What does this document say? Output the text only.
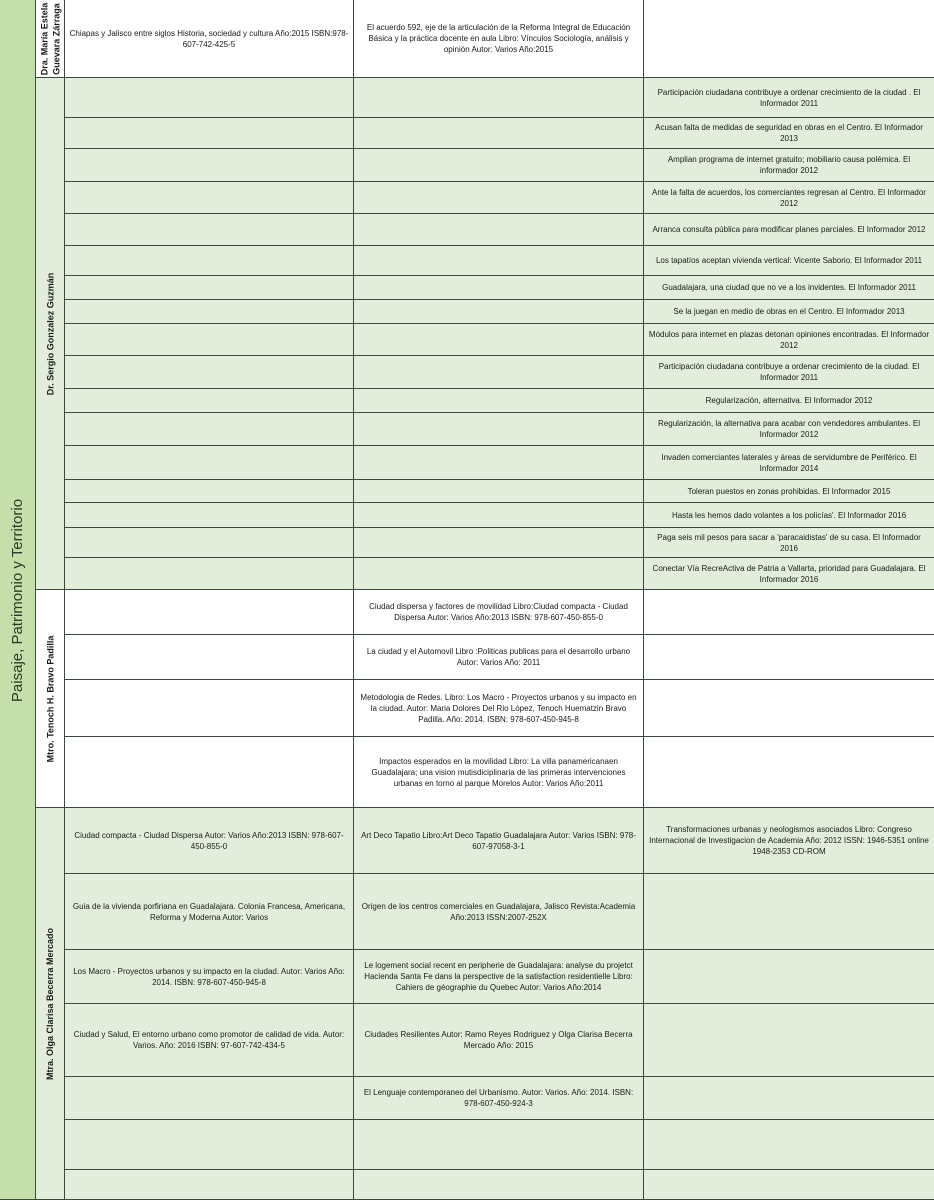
Paisaje, Patrimonio y Territorio
Dra. María Estela Guevara Zárraga	Chiapas y Jalisco entre siglos Historia, sociedad y cultura Año:2015 ISBN:978-607-742-425-5
El acuerdo 592, eje de la articulación de la Reforma Integral de Educación Básica y la práctica docente en aula Libro: Vínculos Sociología, análisis y opinión Autor: Varios Año:2015
Dr. Sergio Gonzalez Guzmán
Participación ciudadana contribuye a ordenar crecimiento de la ciudad . El Informador 2011
Acusan falta de medidas de seguridad en obras en el Centro. El Informador 2013
Amplian programa de internet gratuito; mobiliario causa polémica. El informador 2012
Ante la falta de acuerdos, los comerciantes regresan al Centro. El Informador 2012
Arranca consulta pública para modificar planes parciales. El Informador 2012
Los tapatíos aceptan vivienda vertical: Vicente Saborio. El Informador 2011
Guadalajara, una ciudad que no ve a los invidentes. El Informador 2011
Se la juegan en medio de obras en el Centro. El Informador 2013
Módulos para internet en plazas detonan opiniones encontradas. El Informador 2012
Participación ciudadana contribuye a ordenar crecimiento de la ciudad. El Informador 2011
Regularización, alternativa. El Informador 2012
Regularización, la alternativa para acabar con vendedores ambulantes. El Informador 2012
Invaden comerciantes laterales y áreas de servidumbre de Periférico. El Informador 2014
Toleran puestos en zonas prohibidas. El Informador 2015
Hasta les hemos dado volantes a los policías'. El Informador 2016
Paga seis mil pesos para sacar a 'paracaidistas' de su casa. El Informador 2016
Conectar Vía RecreActiva de Patria a Vallarta, prioridad para Guadalajara. El Informador 2016
Mtro. Tenoch H. Bravo Padilla
Ciudad dispersa y factores de movilidad Libro:Ciudad compacta - Ciudad Dispersa Autor: Varios Año:2013 ISBN: 978-607-450-855-0
La ciudad y el Automovil Libro :Politicas publicas para el desarrollo urbano Autor: Varios Año: 2011
Metodologia de Redes. Libro: Los Macro - Proyectos urbanos y su impacto en la ciudad. Autor: Maria Dolores Del Rio López, Tenoch Huematzin Bravo Padilla. Año: 2014. ISBN: 978-607-450-945-8
Impactos esperados en la movilidad Libro: La villa panamericanaen Guadalajara; una vision mutisdiciplinaria de las primeras intervenciones urbanas en torno al parque Morelos Autor: Varios Año:2011
Mtra. Olga Clarisa Becerra Mercado
Ciudad compacta - Ciudad Dispersa Autor: Varios Año:2013 ISBN: 978-607-450-855-0
Art Deco Tapatio Libro:Art Deco Tapatio Guadalajara Autor: Varios ISBN: 978-607-97058-3-1
Transformaciones urbanas y neologismos asociados Libro: Congreso Internacional de Investigacion de Academia Año: 2012 ISSN: 1946-5351 online 1948-2353 CD-ROM
Guia de la vivienda porfiriana en Guadalajara. Colonia Francesa, Americana, Reforma y Moderna Autor: Varios
Origen de los centros comerciales en Guadalajara, Jalisco Revista:Academia Año:2013 ISSN:2007-252X
Los Macro - Proyectos urbanos y su impacto en la ciudad. Autor: Varios Año: 2014. ISBN: 978-607-450-945-8
Le logement social recent en peripherie de Guadalajara: analyse du projetct Hacienda Santa Fe dans la perspective de la satisfaction residentielle Libro: Cahiers de géographie du Quebec Autor: Varios Año:2014
Ciudad y Salud, El entorno urbano como promotor de calidad de vida. Autor: Varios. Año: 2016 ISBN: 97-607-742-434-5
Ciudades Resilientes Autor: Ramo Reyes Rodriguez y Olga Clarisa Becerra Mercado Año: 2015
El Lenguaje contemporaneo del Urbanismo. Autor: Varios. Año: 2014. ISBN: 978-607-450-924-3
